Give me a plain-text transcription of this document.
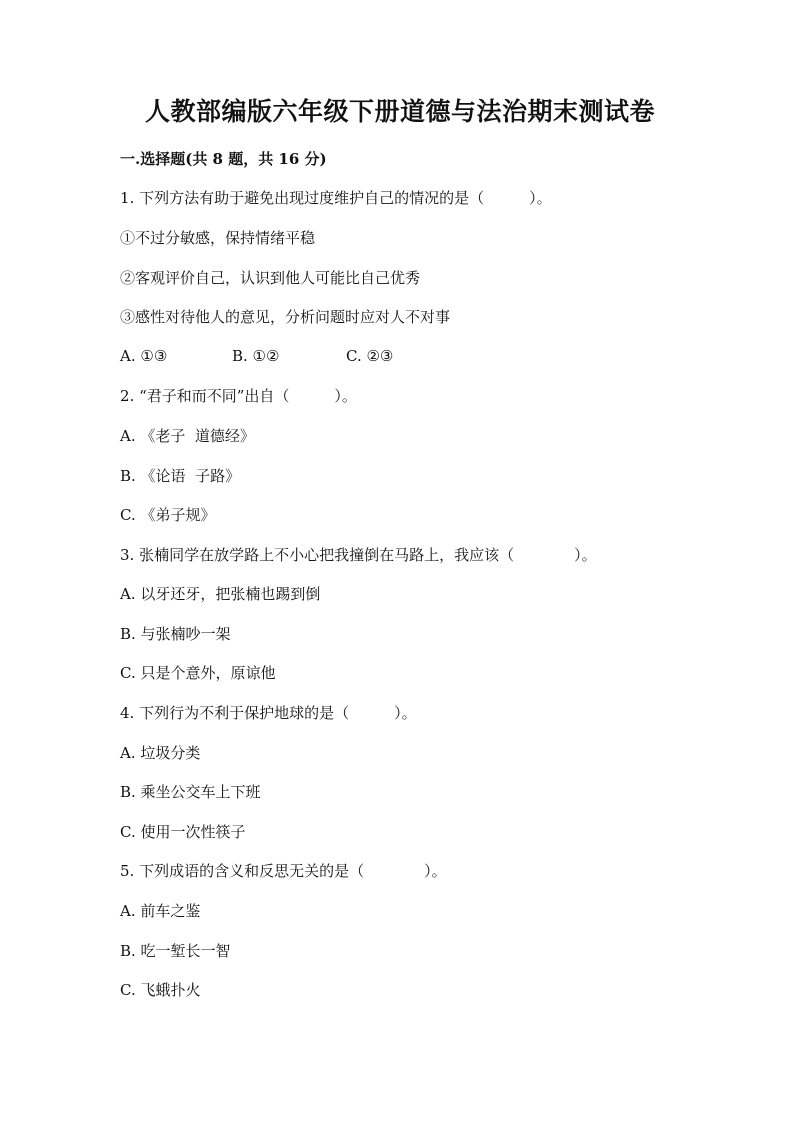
人教部编版六年级下册道德与法治期末测试卷
一.选择题(共 8 题，共 16 分)
1. 下列方法有助于避免出现过度维护自己的情况的是（　　　）。
①不过分敏感，保持情绪平稳
②客观评价自己，认识到他人可能比自己优秀
③感性对待他人的意见，分析问题时应对人不对事

A. ①③

	B. ①②

	C. ②③

2. “君子和而不同”出自（　　　）。
A. 《老子  道德经》
B. 《论语  子路》
C. 《弟子规》
3. 张楠同学在放学路上不小心把我撞倒在马路上，我应该（　　　　）。
A. 以牙还牙，把张楠也踢到倒
B. 与张楠吵一架
C. 只是个意外，原谅他
4. 下列行为不利于保护地球的是（　　　）。
A. 垃圾分类
B. 乘坐公交车上下班
C. 使用一次性筷子
5. 下列成语的含义和反思无关的是（　　　　）。
A. 前车之鉴
B. 吃一堑长一智
C. 飞蛾扑火
